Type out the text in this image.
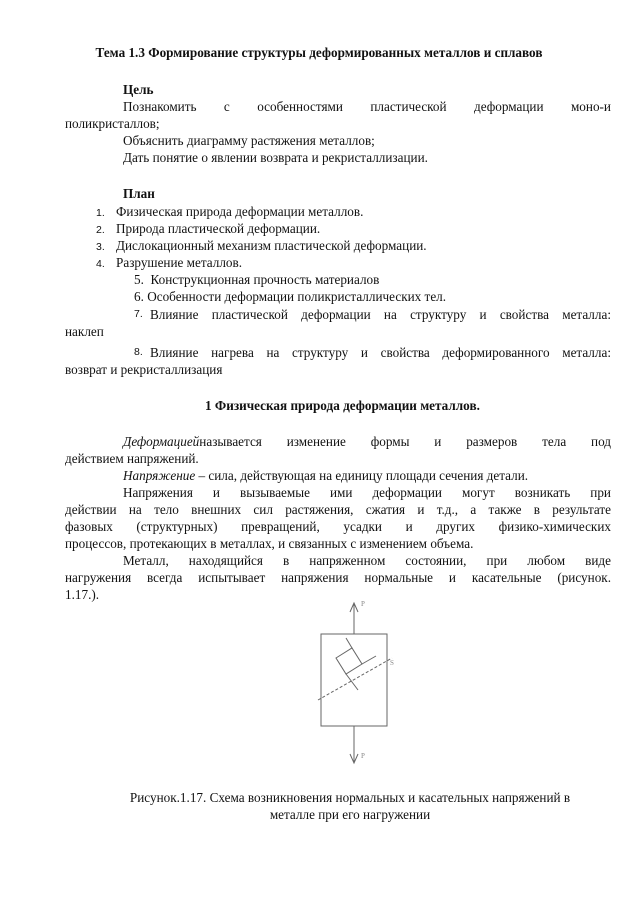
Тема 1.3 Формирование структуры деформированных металлов и сплавов
Цель
Познакомить с особенностями пластической деформации моно-и
поликристаллов;
Объяснить диаграмму растяжения металлов;
Дать понятие о явлении возврата и рекристаллизации.
План
1. Физическая природа деформации металлов.
2. Природа пластической деформации.
3. Дислокационный механизм пластической деформации.
4. Разрушение металлов.
5. Конструкционная прочность материалов
6. Особенности деформации поликристаллических тел.
7. Влияние пластической деформации на структуру и свойства металла:
наклеп
8. Влияние нагрева на структуру и свойства деформированного металла:
возврат и рекристаллизация
1 Физическая природа деформации металлов.
Деформацией называется изменение формы и размеров тела под
действием напряжений.
Напряжение – сила, действующая на единицу площади сечения детали.
Напряжения и вызываемые ими деформации могут возникать при
действии на тело внешних сил растяжения, сжатия и т.д., а также в результате
фазовых (структурных) превращений, усадки и других физико-химических
процессов, протекающих в металлах, и связанных с изменением объема.
Металл, находящийся в напряженном состоянии, при любом виде
нагружения всегда испытывает напряжения нормальные и касательные (рисунок.
1.17.).
P
P
S
Рисунок.1.17. Схема возникновения нормальных и касательных напряжений в
металле при его нагружении
